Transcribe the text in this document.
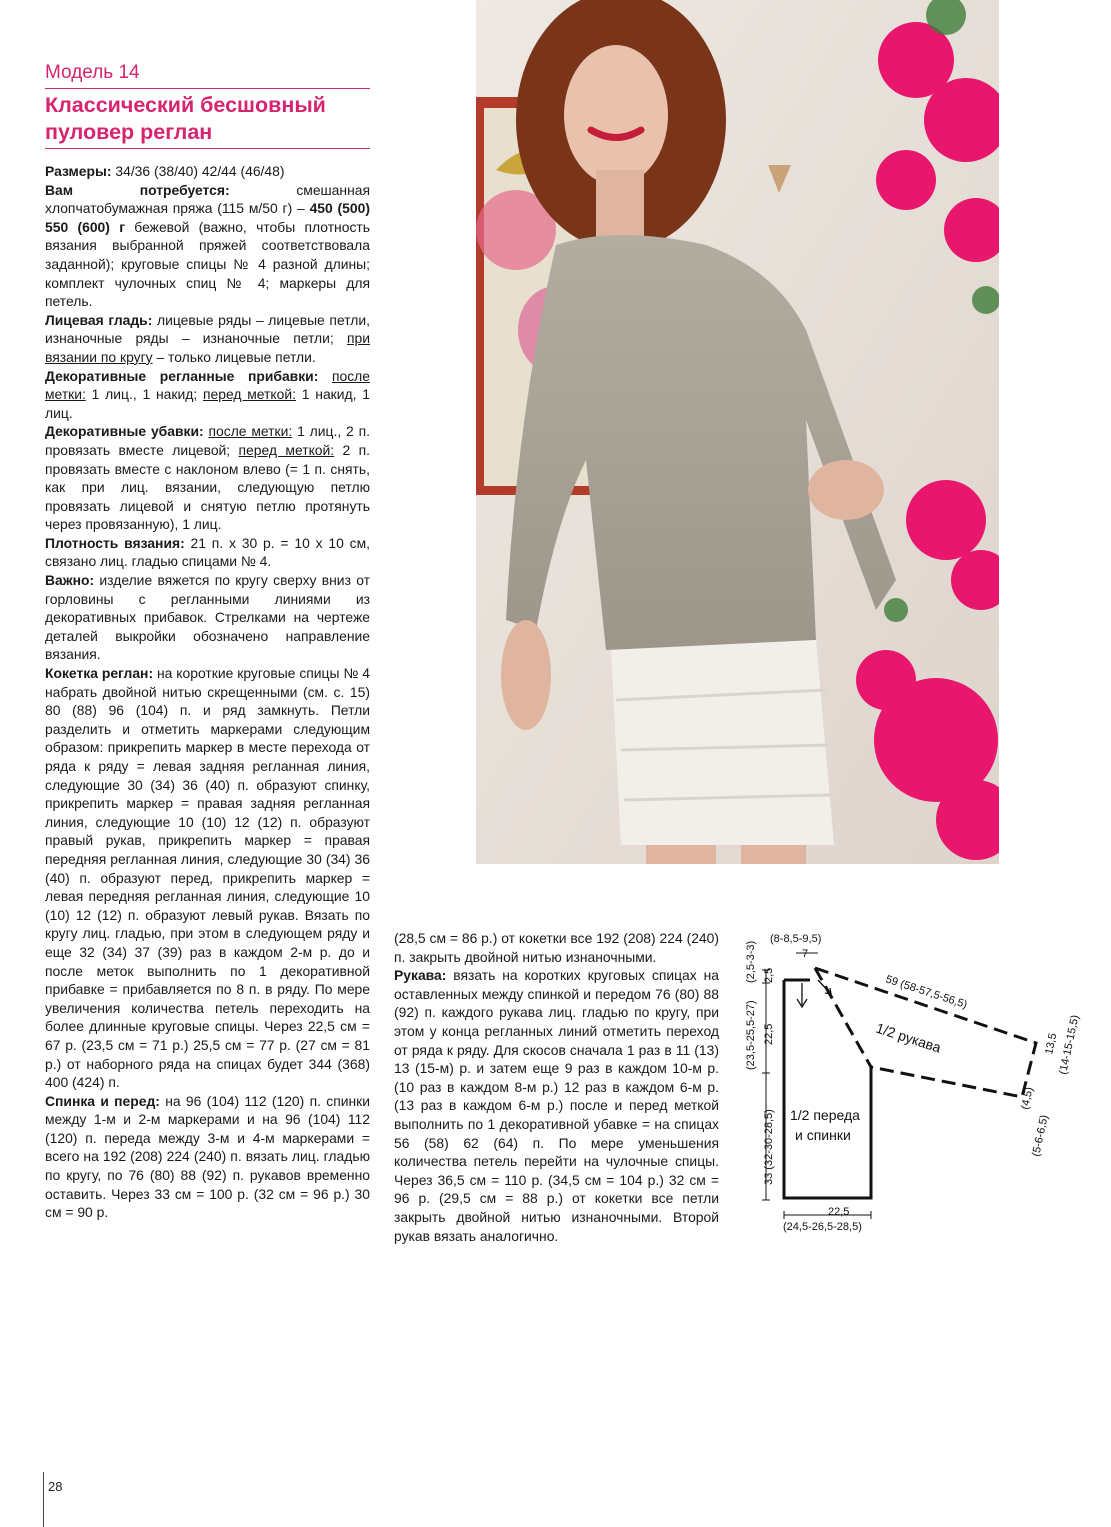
Модель 14
Классический бесшовный
пуловер реглан

Размеры: 34/36 (38/40) 42/44 (46/48)

Вам потребуется: смешанная хлопчатобумажная пряжа (115 м/50 г) – 450 (500) 550 (600) г бежевой (важно, чтобы плотность вязания выбранной пряжей соответствовала заданной); круговые спицы № 4 разной длины; комплект чулочных спиц № 4; маркеры для петель.

Лицевая гладь: лицевые ряды – лицевые петли, изнаночные ряды – изнаночные петли; при вязании по кругу – только лицевые петли.

Декоративные регланные прибавки: после метки: 1 лиц., 1 накид; перед меткой: 1 накид, 1 лиц.

Декоративные убавки: после метки: 1 лиц., 2 п. провязать вместе лицевой; перед меткой: 2 п. провязать вместе с наклоном влево (= 1 п. снять, как при лиц. вязании, следующую петлю провязать лицевой и снятую петлю протянуть через провязанную), 1 лиц.

Плотность вязания: 21 п. x 30 р. = 10 x 10 см, связано лиц. гладью спицами № 4.

Важно: изделие вяжется по кругу сверху вниз от горловины с регланными линиями из декоративных прибавок. Стрелками на чертеже деталей выкройки обозначено направление вязания.

Кокетка реглан: на короткие круговые спицы № 4 набрать двойной нитью скрещенными (см. с. 15) 80 (88) 96 (104) п. и ряд замкнуть. Петли разделить и отметить маркерами следующим образом: прикрепить маркер в месте перехода от ряда к ряду = левая задняя регланная линия, следующие 30 (34) 36 (40) п. образуют спинку, прикрепить маркер = правая задняя регланная линия, следующие 10 (10) 12 (12) п. образуют правый рукав, прикрепить маркер = правая передняя регланная линия, следующие 30 (34) 36 (40) п. образуют перед, прикрепить маркер = левая передняя регланная линия, следующие 10 (10) 12 (12) п. образуют левый рукав. Вязать по кругу лиц. гладью, при этом в следующем ряду и еще 32 (34) 37 (39) раз в каждом 2-м р. до и после меток выполнить по 1 декоративной прибавке = прибавляется по 8 п. в ряду. По мере увеличения количества петель переходить на более длинные круговые спицы. Через 22,5 см = 67 р. (23,5 см = 71 р.) 25,5 см = 77 р. (27 см = 81 р.) от наборного ряда на спицах будет 344 (368) 400 (424) п.

Спинка и перед: на 96 (104) 112 (120) п. спинки между 1-м и 2-м маркерами и на 96 (104) 112 (120) п. переда между 3-м и 4-м маркерами = всего на 192 (208) 224 (240) п. вязать лиц. гладью по кругу, по 76 (80) 88 (92) п. рукавов временно оставить. Через 33 см = 100 р. (32 см = 96 р.) 30 см = 90 р.

(28,5 см = 86 р.) от кокетки все 192 (208) 224 (240) п. закрыть двойной нитью изнаночными.

Рукава: вязать на коротких круговых спицах на оставленных между спинкой и передом 76 (80) 88 (92) п. каждого рукава лиц. гладью по кругу, при этом у конца регланных линий отметить переход от ряда к ряду. Для скосов сначала 1 раз в 11 (13) 13 (15-м) р. и затем еще 9 раз в каждом 10-м р. (10 раз в каждом 8-м р.) 12 раз в каждом 6-м р. (13 раз в каждом 6-м р.) после и перед меткой выполнить по 1 декоративной убавке = на спицах 56 (58) 62 (64) п. По мере уменьшения количества петель перейти на чулочные спицы. Через 36,5 см = 110 р. (34,5 см = 104 р.) 32 см = 96 р. (29,5 см = 88 р.) от кокетки все петли закрыть двойной нитью изнаночными. Второй рукав вязать аналогично.

(8-8,5-9,5)
7
59 (58-57,5-56,5)
1/2 рукава	13,5
(14-15-15,5)
(4,5)
(5-6-6,5)
1/2 переда
и спинки
(23,5-25,5-27) 22,5
2,5
(2,5-3-3)
33 (32-30-28,5)
22,5
(24,5-26,5-28,5)
28
